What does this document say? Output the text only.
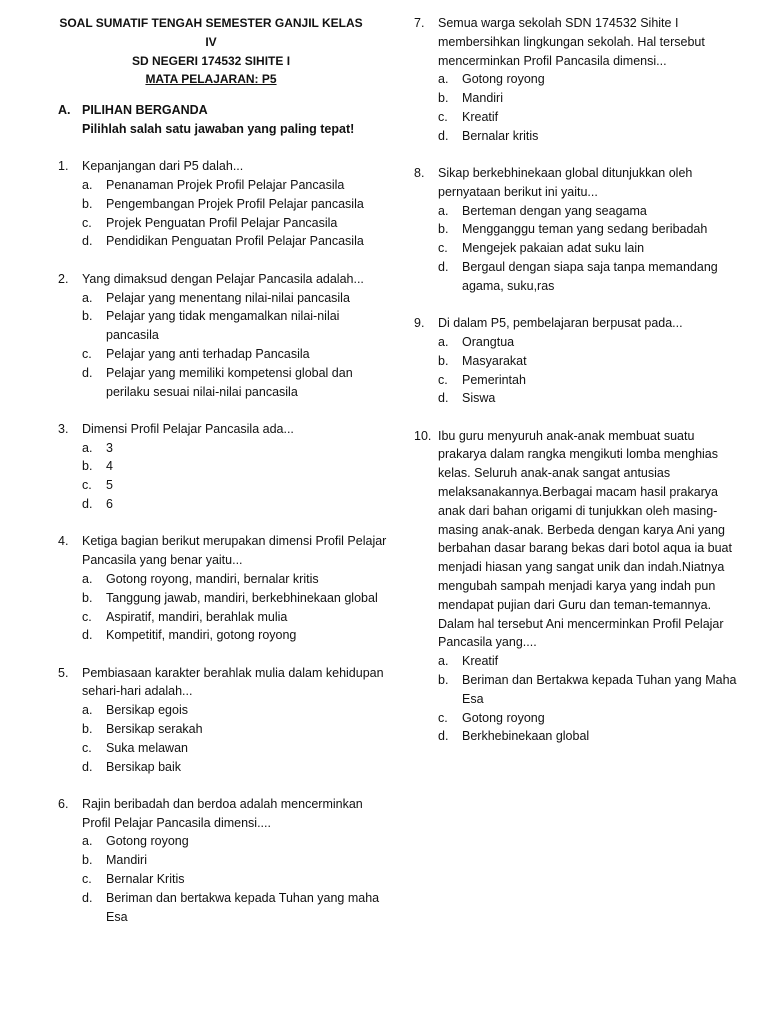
SOAL SUMATIF TENGAH SEMESTER GANJIL KELAS IV
SD NEGERI 174532 SIHITE I
MATA PELAJARAN: P5
A. PILIHAN BERGANDA
Pilihlah salah satu jawaban yang paling tepat!
1.	Kepanjangan dari P5 dalah...
a.	Penanaman Projek Profil Pelajar Pancasila
b.	Pengembangan Projek Profil Pelajar pancasila
c.	Projek Penguatan Profil Pelajar Pancasila
d.	Pendidikan Penguatan Profil Pelajar Pancasila
2.	Yang dimaksud dengan Pelajar Pancasila adalah...
a.	Pelajar yang menentang nilai-nilai pancasila
b.	Pelajar yang tidak mengamalkan nilai-nilai pancasila
c.	Pelajar yang anti terhadap Pancasila
d.	Pelajar yang memiliki kompetensi global dan perilaku sesuai nilai-nilai pancasila
3.	Dimensi Profil Pelajar Pancasila ada...
a.	3
b.	4
c.	5
d.	6
4.	Ketiga bagian berikut merupakan dimensi Profil Pelajar Pancasila yang benar yaitu...
a.	Gotong royong, mandiri, bernalar kritis
b.	Tanggung jawab, mandiri, berkebhinekaan global
c.	Aspiratif, mandiri, berahlak mulia
d.	Kompetitif, mandiri, gotong royong
5.	Pembiasaan karakter berahlak mulia dalam kehidupan sehari-hari adalah...
a.	Bersikap egois
b.	Bersikap serakah
c.	Suka melawan
d.	Bersikap baik
6.	Rajin beribadah dan berdoa adalah mencerminkan Profil Pelajar Pancasila dimensi....
a.	Gotong royong
b.	Mandiri
c.	Bernalar Kritis
d.	Beriman dan bertakwa kepada Tuhan yang maha Esa
7.	Semua warga sekolah SDN 174532 Sihite I membersihkan lingkungan sekolah. Hal tersebut mencerminkan Profil Pancasila dimensi...
a.	Gotong royong
b.	Mandiri
c.	Kreatif
d.	Bernalar kritis
8.	Sikap berkebhinekaan global ditunjukkan oleh pernyataan berikut ini yaitu...
a.	Berteman dengan yang seagama
b.	Mengganggu teman yang sedang beribadah
c.	Mengejek pakaian adat suku lain
d.	Bergaul dengan siapa saja tanpa memandang agama, suku,ras
9.	Di dalam P5, pembelajaran berpusat pada...
a.	Orangtua
b.	Masyarakat
c.	Pemerintah
d.	Siswa
10. Ibu guru menyuruh anak-anak membuat suatu prakarya dalam rangka mengikuti lomba menghias kelas. Seluruh anak-anak sangat antusias melaksanakannya.Berbagai macam hasil prakarya anak dari bahan origami di tunjukkan oleh masing-masing anak-anak. Berbeda dengan karya Ani yang berbahan dasar barang bekas dari botol aqua ia buat menjadi hiasan yang sangat unik dan indah.Niatnya mengubah sampah menjadi karya yang indah pun mendapat pujian dari Guru dan teman-temannya. Dalam hal tersebut Ani mencerminkan Profil Pelajar Pancasila yang....
a.	Kreatif
b.	Beriman dan Bertakwa kepada Tuhan yang Maha Esa
c.	Gotong royong
d.	Berkhebinekaan global
